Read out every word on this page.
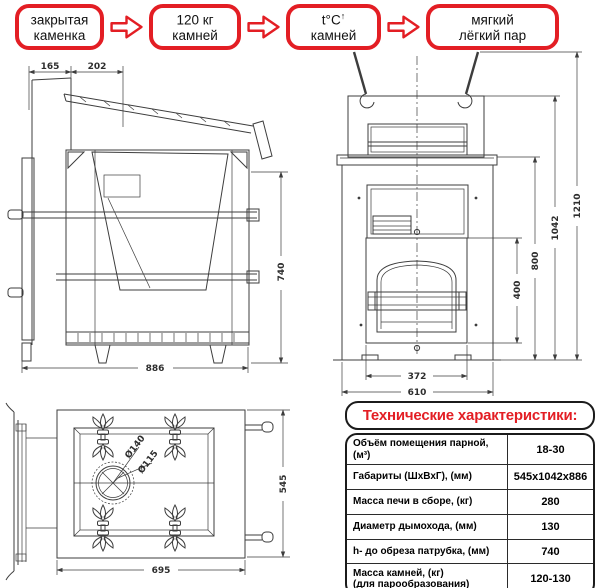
165	202
886
740
400
800
1042
1210
372
610
Ø140
Ø115
545
695
закрытая
каменка
120 кг
камней
t°C↑
камней
мягкий
лёгкий пар
Технические характеристики:
Объём помещения парной, (м³)	18-30
Габариты (ШхВхГ), (мм)	545х1042х886
Масса печи в сборе, (кг)	280
Диаметр дымохода, (мм)	130
h- до обреза патрубка, (мм)	740
Масса камней, (кг)
(для парообразования)	120-130
